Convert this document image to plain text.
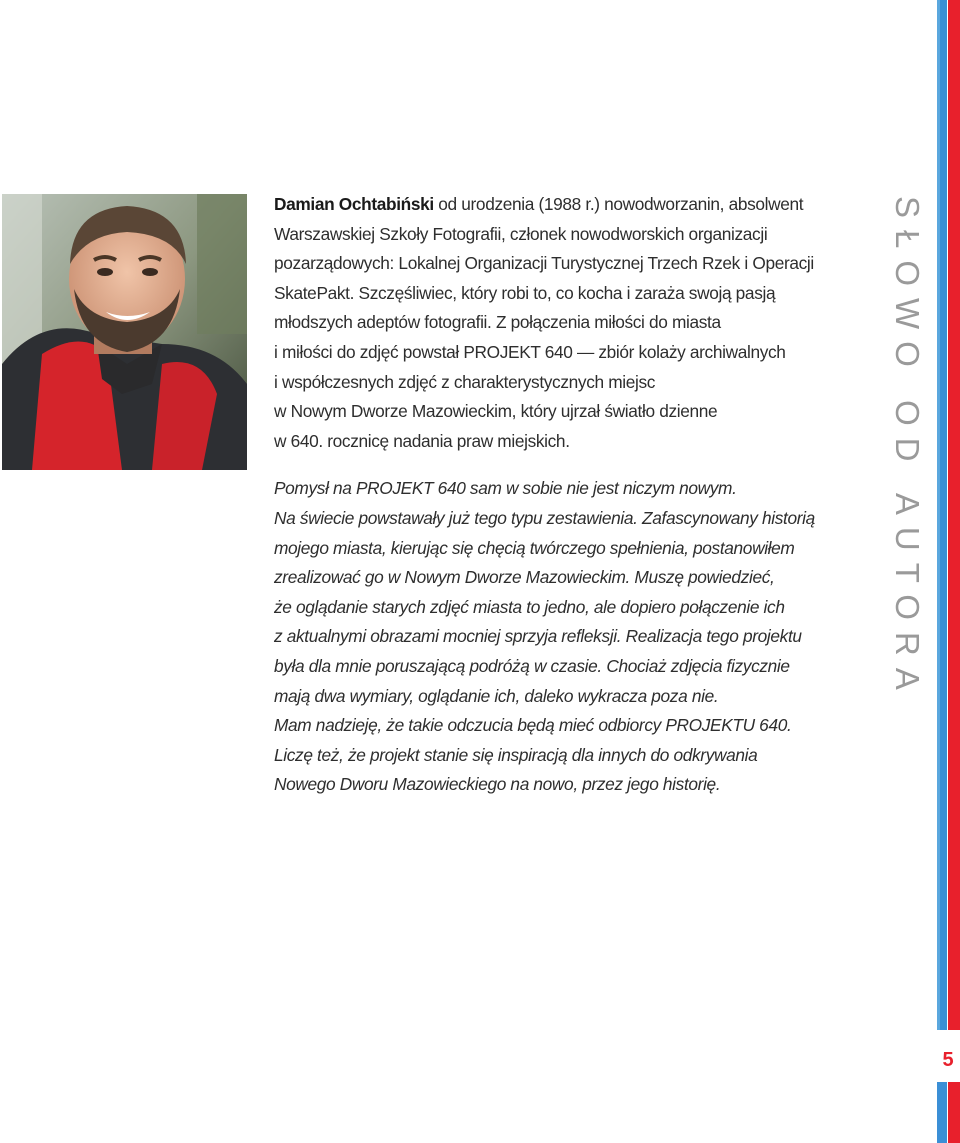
Damian Ochtabiński od urodzenia (1988 r.) nowodworzanin, absolwent
Warszawskiej Szkoły Fotografii, członek nowodworskich organizacji
pozarządowych: Lokalnej Organizacji Turystycznej Trzech Rzek i Operacji
SkatePakt. Szczęśliwiec, który robi to, co kocha i zaraża swoją pasją
młodszych adeptów fotografii. Z połączenia miłości do miasta
i miłości do zdjęć powstał PROJEKT 640 — zbiór kolaży archiwalnych
i współczesnych zdjęć z charakterystycznych miejsc
w Nowym Dworze Mazowieckim, który ujrzał światło dzienne
w 640. rocznicę nadania praw miejskich.
Pomysł na PROJEKT 640 sam w sobie nie jest niczym nowym.
Na świecie powstawały już tego typu zestawienia. Zafascynowany historią
mojego miasta, kierując się chęcią twórczego spełnienia, postanowiłem
zrealizować go w Nowym Dworze Mazowieckim. Muszę powiedzieć,
że oglądanie starych zdjęć miasta to jedno, ale dopiero połączenie ich
z aktualnymi obrazami mocniej sprzyja refleksji. Realizacja tego projektu
była dla mnie poruszającą podróżą w czasie. Chociaż zdjęcia fizycznie
mają dwa wymiary, oglądanie ich, daleko wykracza poza nie.
Mam nadzieję, że takie odczucia będą mieć odbiorcy PROJEKTU 640.
Liczę też, że projekt stanie się inspiracją dla innych do odkrywania
Nowego Dworu Mazowieckiego na nowo, przez jego historię.
SŁOWO OD AUTORA
5
